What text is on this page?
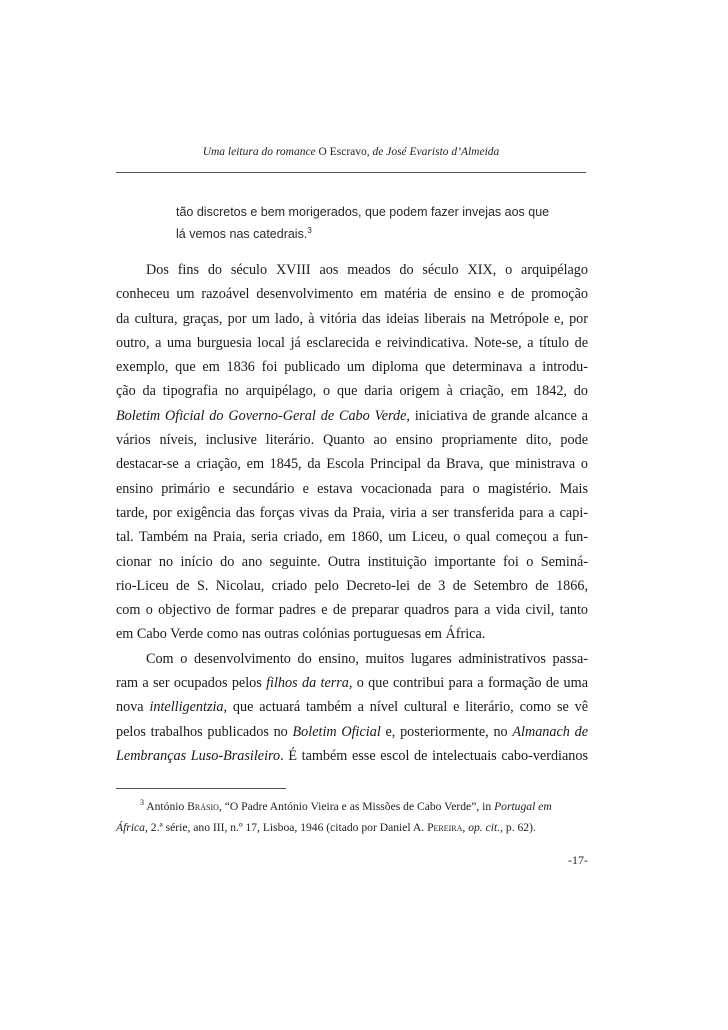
Uma leitura do romance O Escravo, de José Evaristo d’Almeida
tão discretos e bem morigerados, que podem fazer invejas aos que
lá vemos nas catedrais.$^3$
Dos fins do século XVIII aos meados do século XIX, o arquipélago
conheceu um razoável desenvolvimento em matéria de ensino e de promoção
da cultura, graças, por um lado, à vitória das ideias liberais na Metrópole e, por
outro, a uma burguesia local já esclarecida e reivindicativa. Note-se, a título de
exemplo, que em 1836 foi publicado um diploma que determinava a introdu-
ção da tipografia no arquipélago, o que daria origem à criação, em 1842, do
Boletim Oficial do Governo-Geral de Cabo Verde, iniciativa de grande alcance a
vários níveis, inclusive literário. Quanto ao ensino propriamente dito, pode
destacar-se a criação, em 1845, da Escola Principal da Brava, que ministrava o
ensino primário e secundário e estava vocacionada para o magistério. Mais
tarde, por exigência das forças vivas da Praia, viria a ser transferida para a capi-
tal. Também na Praia, seria criado, em 1860, um Liceu, o qual começou a fun-
cionar no início do ano seguinte. Outra instituição importante foi o Seminá-
rio-Liceu de S. Nicolau, criado pelo Decreto-lei de 3 de Setembro de 1866,
com o objectivo de formar padres e de preparar quadros para a vida civil, tanto
em Cabo Verde como nas outras colónias portuguesas em África.
Com o desenvolvimento do ensino, muitos lugares administrativos passa-
ram a ser ocupados pelos filhos da terra, o que contribui para a formação de uma
nova intelligentzia, que actuará também a nível cultural e literário, como se vê
pelos trabalhos publicados no Boletim Oficial e, posteriormente, no Almanach de
Lembranças Luso-Brasileiro. É também esse escol de intelectuais cabo-verdianos
$^3$ António Brásio, “O Padre António Vieira e as Missões de Cabo Verde”, in Portugal em
África, 2.ª série, ano III, n.º 17, Lisboa, 1946 (citado por Daniel A. Pereira, op. cit., p. 62).
-17-
